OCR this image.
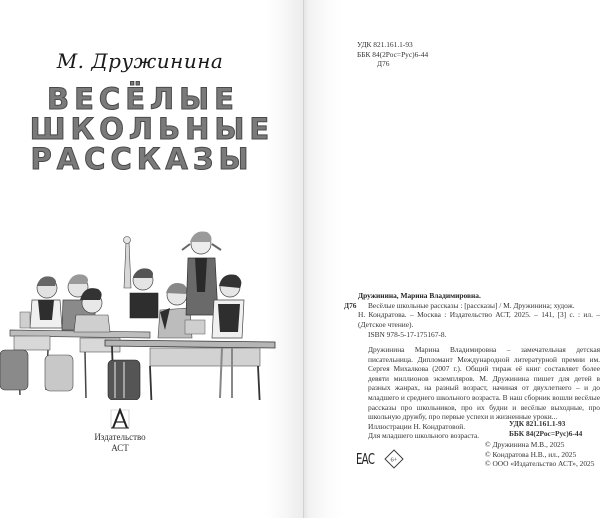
М. Дружинина
ВЕСЁЛЫЕ
ШКОЛЬНЫЕ
РАССКАЗЫ
Издательство
АСТ
УДК 821.161.1-93
ББК 84(2Рос=Рус)6-44
Д76
Дружинина, Марина Владимировна.
Д76	Весёлые школьные рассказы : [рассказы] / М. Дружинина; худож.
Н. Кондратова. – Москва : Издательство АСТ, 2025. – 141, [3] с. : ил. – (Детское чтение).
ISBN 978-5-17-175167-8.
Дружинина Марина Владимировна – замечательная детская писательница. Дипломант Международной литературной премии им. Сергея Михалкова (2007 г.). Общий тираж её книг составляет более девяти миллионов экземпляров. М. Дружинина пишет для детей в разных жанрах, на разный возраст, начиная от двухлетнего – и до младшего и среднего школьного возраста. В наш сборник вошли весёлые рассказы про школьников, про их будни и весёлые выходные, про школьную дружбу, про первые успехи и жизненные уроки...
Иллюстрации Н. Кондратовой.
Для младшего школьного возраста.
УДК 821.161.1-93
ББК 84(2Рос=Рус)6-44
ЕАС	6+
© Дружинина М.В., 2025
© Кондратова Н.В., ил., 2025
© ООО «Издательство АСТ», 2025
